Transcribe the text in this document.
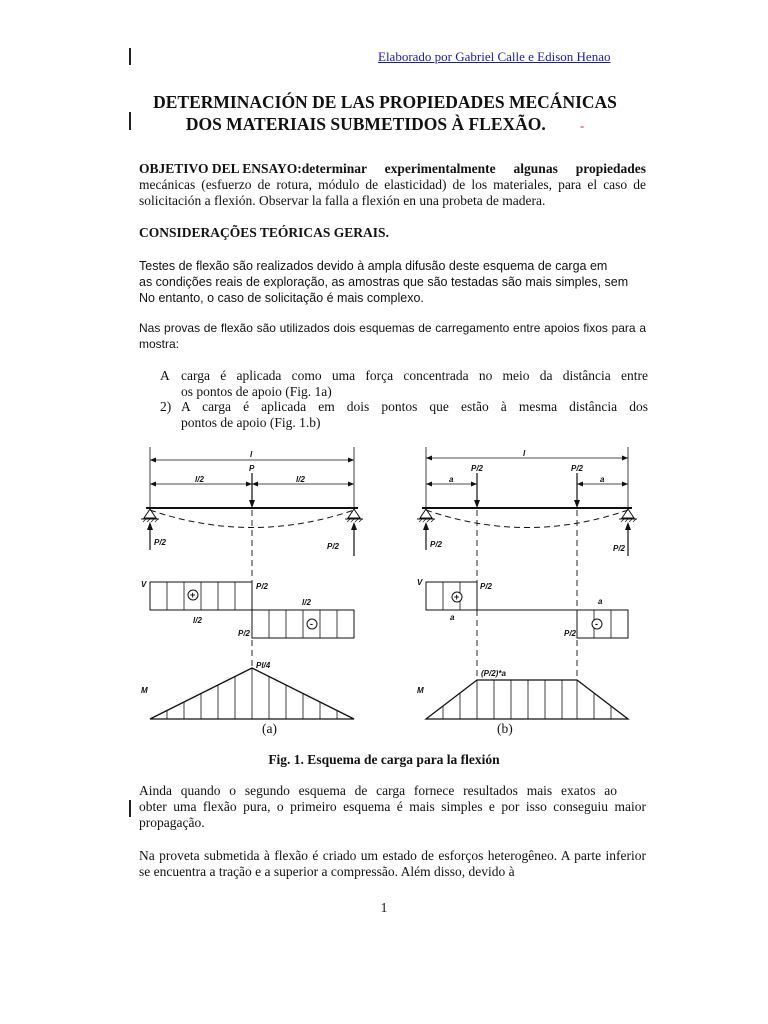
Elaborado por Gabriel Calle e Edison Henao
DETERMINACIÓN DE LAS PROPIEDADES MECÁNICAS
DOS MATERIAIS SUBMETIDOS À FLEXÃO.	-
OBJETIVO DEL ENSAYO: determinar experimentalmente algunas propiedades
mecánicas (esfuerzo de rotura, módulo de elasticidad) de los materiales, para el caso de solicitación a flexión. Observar la falla a flexión en una probeta de madera.
CONSIDERAÇÕES TEÓRICAS GERAIS.
Testes de flexão são realizados devido à ampla difusão deste esquema de carga em
as condições reais de exploração, as amostras que são testadas são mais simples, sem
No entanto, o caso de solicitação é mais complexo.
Nas provas de flexão são utilizados dois esquemas de carregamento entre apoios fixos para a mostra:
A carga é aplicada como uma força concentrada no meio da distância entre
os pontos de apoio (Fig. 1a)
2) A carga é aplicada em dois pontos que estão à mesma distância dos
pontos de apoio (Fig. 1.b)
l
l/2	l/2
P
P/2	P/2
V
+
P/2
l/2	-
l/2
P/2
M
Pl/4
l
a	a
P/2	P/2
P/2	P/2
V
+
P/2
a
-
a
P/2
M
(P/2)*a
(a)	(b)
Fig. 1. Esquema de carga para la flexión
Ainda quando o segundo esquema de carga fornece resultados mais exatos ao
obter uma flexão pura, o primeiro esquema é mais simples e por isso conseguiu maior propagação.
Na proveta submetida à flexão é criado um estado de esforços heterogêneo. A parte inferior se encuentra a tração e a superior a compressão. Além disso, devido à
1
